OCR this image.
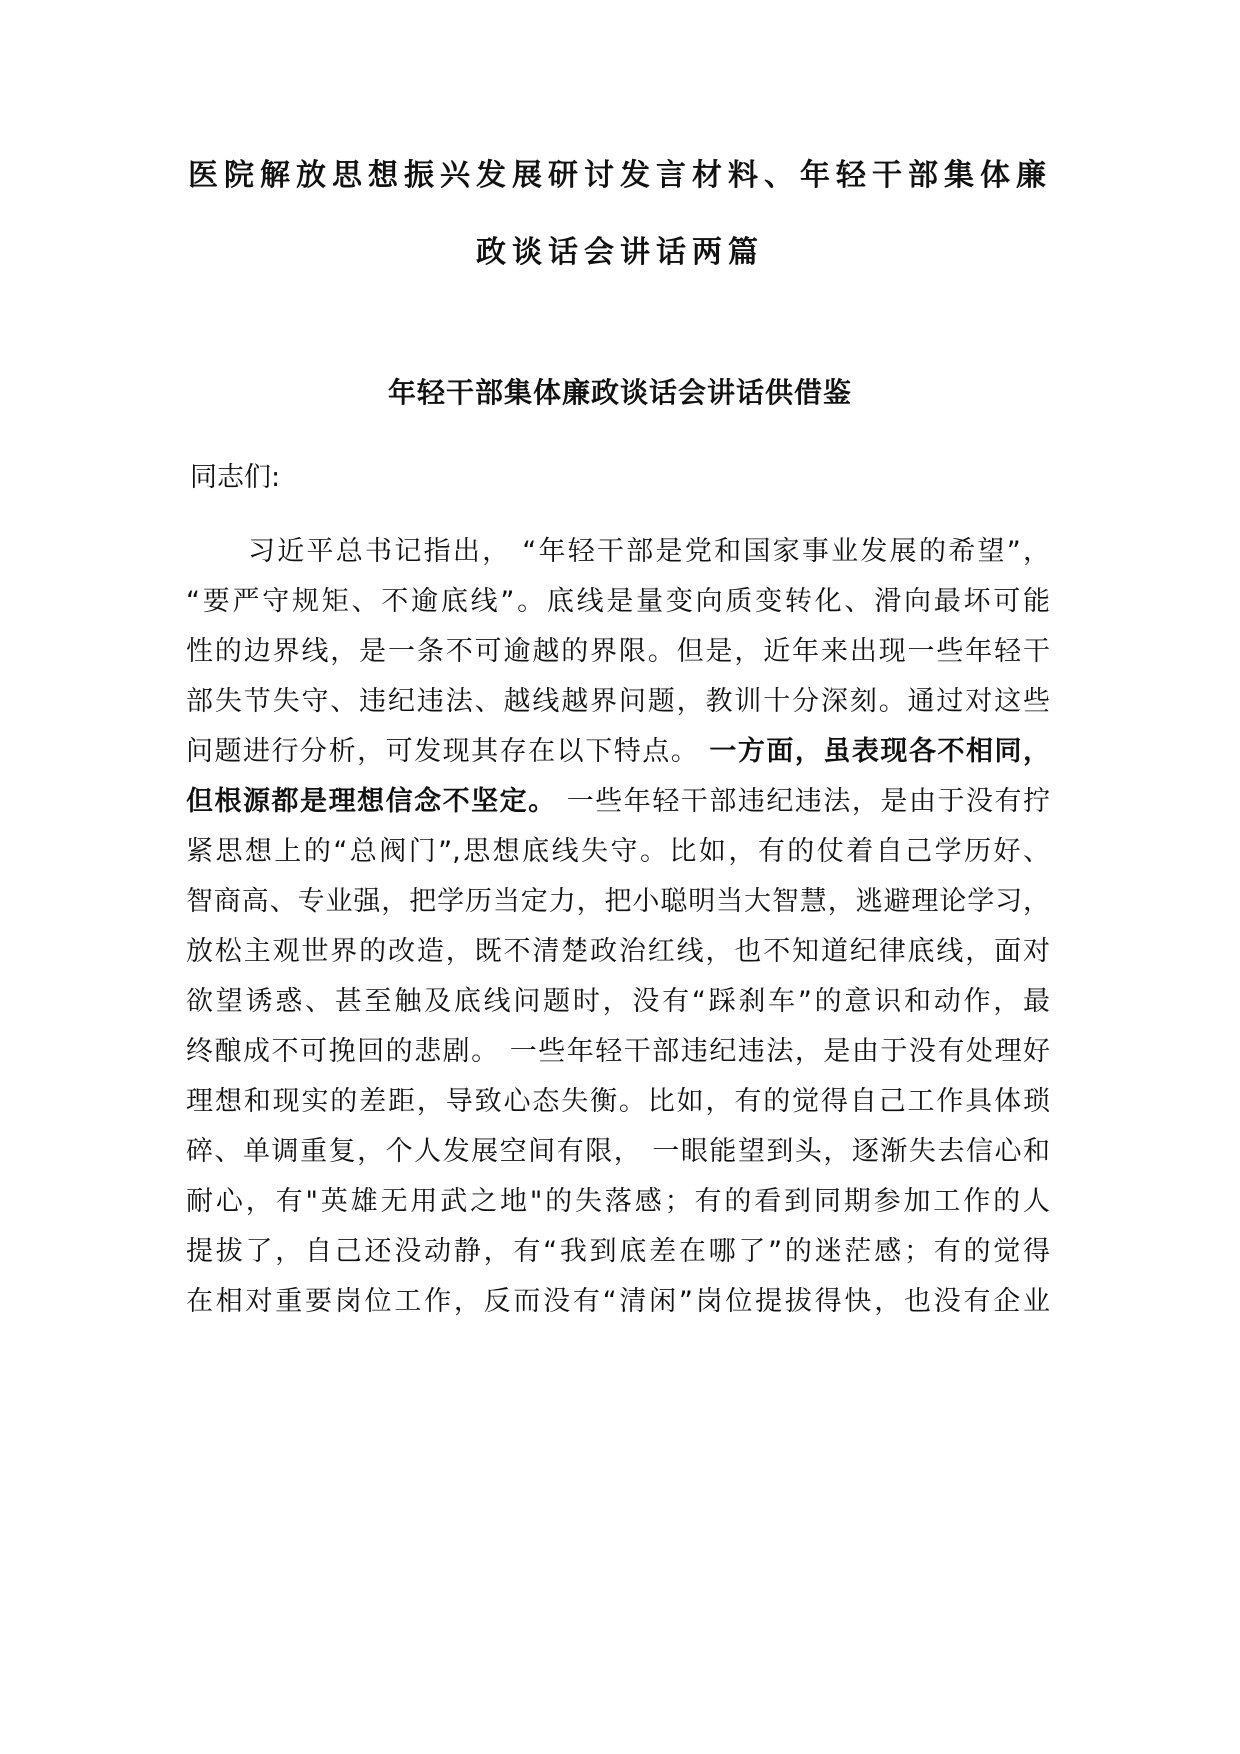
医院解放思想振兴发展研讨发言材料、年轻干部集体廉
政谈话会讲话两篇
年轻干部集体廉政谈话会讲话供借鉴

同志们:

习近平总书记指出， “年轻干部是党和国家事业发展的希望”，

“要严守规矩、不逾底线”。底线是量变向质变转化、滑向最坏可能

性的边界线，是一条不可逾越的界限。但是，近年来出现一些年轻干

部失节失守、违纪违法、越线越界问题，教训十分深刻。通过对这些

问题进行分析，可发现其存在以下特点。 一方面，虽表现各不相同，

但根源都是理想信念不坚定。 一些年轻干部违纪违法，是由于没有拧

紧思想上的“总阀门”,思想底线失守。比如，有的仗着自己学历好、

智商高、专业强，把学历当定力，把小聪明当大智慧，逃避理论学习，

放松主观世界的改造，既不清楚政治红线，也不知道纪律底线，面对

欲望诱惑、甚至触及底线问题时，没有“踩刹车”的意识和动作，最

终酿成不可挽回的悲剧。 一些年轻干部违纪违法，是由于没有处理好

理想和现实的差距，导致心态失衡。比如，有的觉得自己工作具体琐

碎、单调重复，个人发展空间有限， 一眼能望到头，逐渐失去信心和

耐心，有"英雄无用武之地"的失落感；有的看到同期参加工作的人

提拔了，自己还没动静，有“我到底差在哪了”的迷茫感；有的觉得

在相对重要岗位工作，反而没有“清闲”岗位提拔得快，也没有企业
